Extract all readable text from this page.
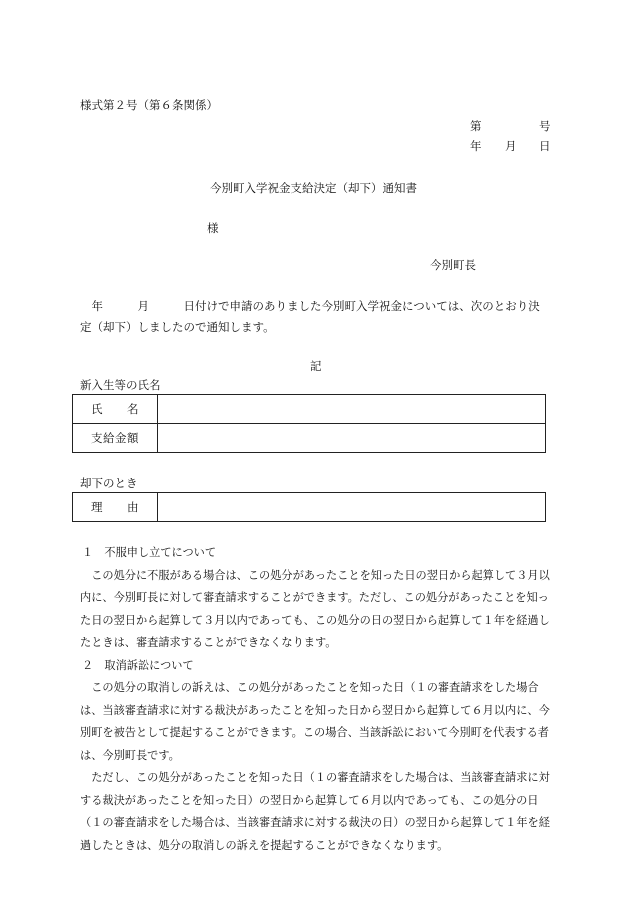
様式第２号（第６条関係）
第	号
年 月 日
今別町入学祝金支給決定（却下）通知書
様
今別町長
　年　　　月　　　日付けで申請のありました今別町入学祝金については、次のとおり決定（却下）しましたので通知します。
記
新入生等の氏名
氏　　名	
支給金額	
却下のとき
理　　由	

１　不服申し立てについて

この処分に不服がある場合は、この処分があったことを知った日の翌日から起算して３月以内に、今別町長に対して審査請求することができます。ただし、この処分があったことを知った日の翌日から起算して３月以内であっても、この処分の日の翌日から起算して１年を経過したときは、審査請求することができなくなります。

２　取消訴訟について

この処分の取消しの訴えは、この処分があったことを知った日（１の審査請求をした場合は、当該審査請求に対する裁決があったことを知った日から翌日から起算して６月以内に、今別町を被告として提起することができます。この場合、当該訴訟において今別町を代表する者は、今別町長です。

ただし、この処分があったことを知った日（１の審査請求をした場合は、当該審査請求に対する裁決があったことを知った日）の翌日から起算して６月以内であっても、この処分の日（１の審査請求をした場合は、当該審査請求に対する裁決の日）の翌日から起算して１年を経過したときは、処分の取消しの訴えを提起することができなくなります。
